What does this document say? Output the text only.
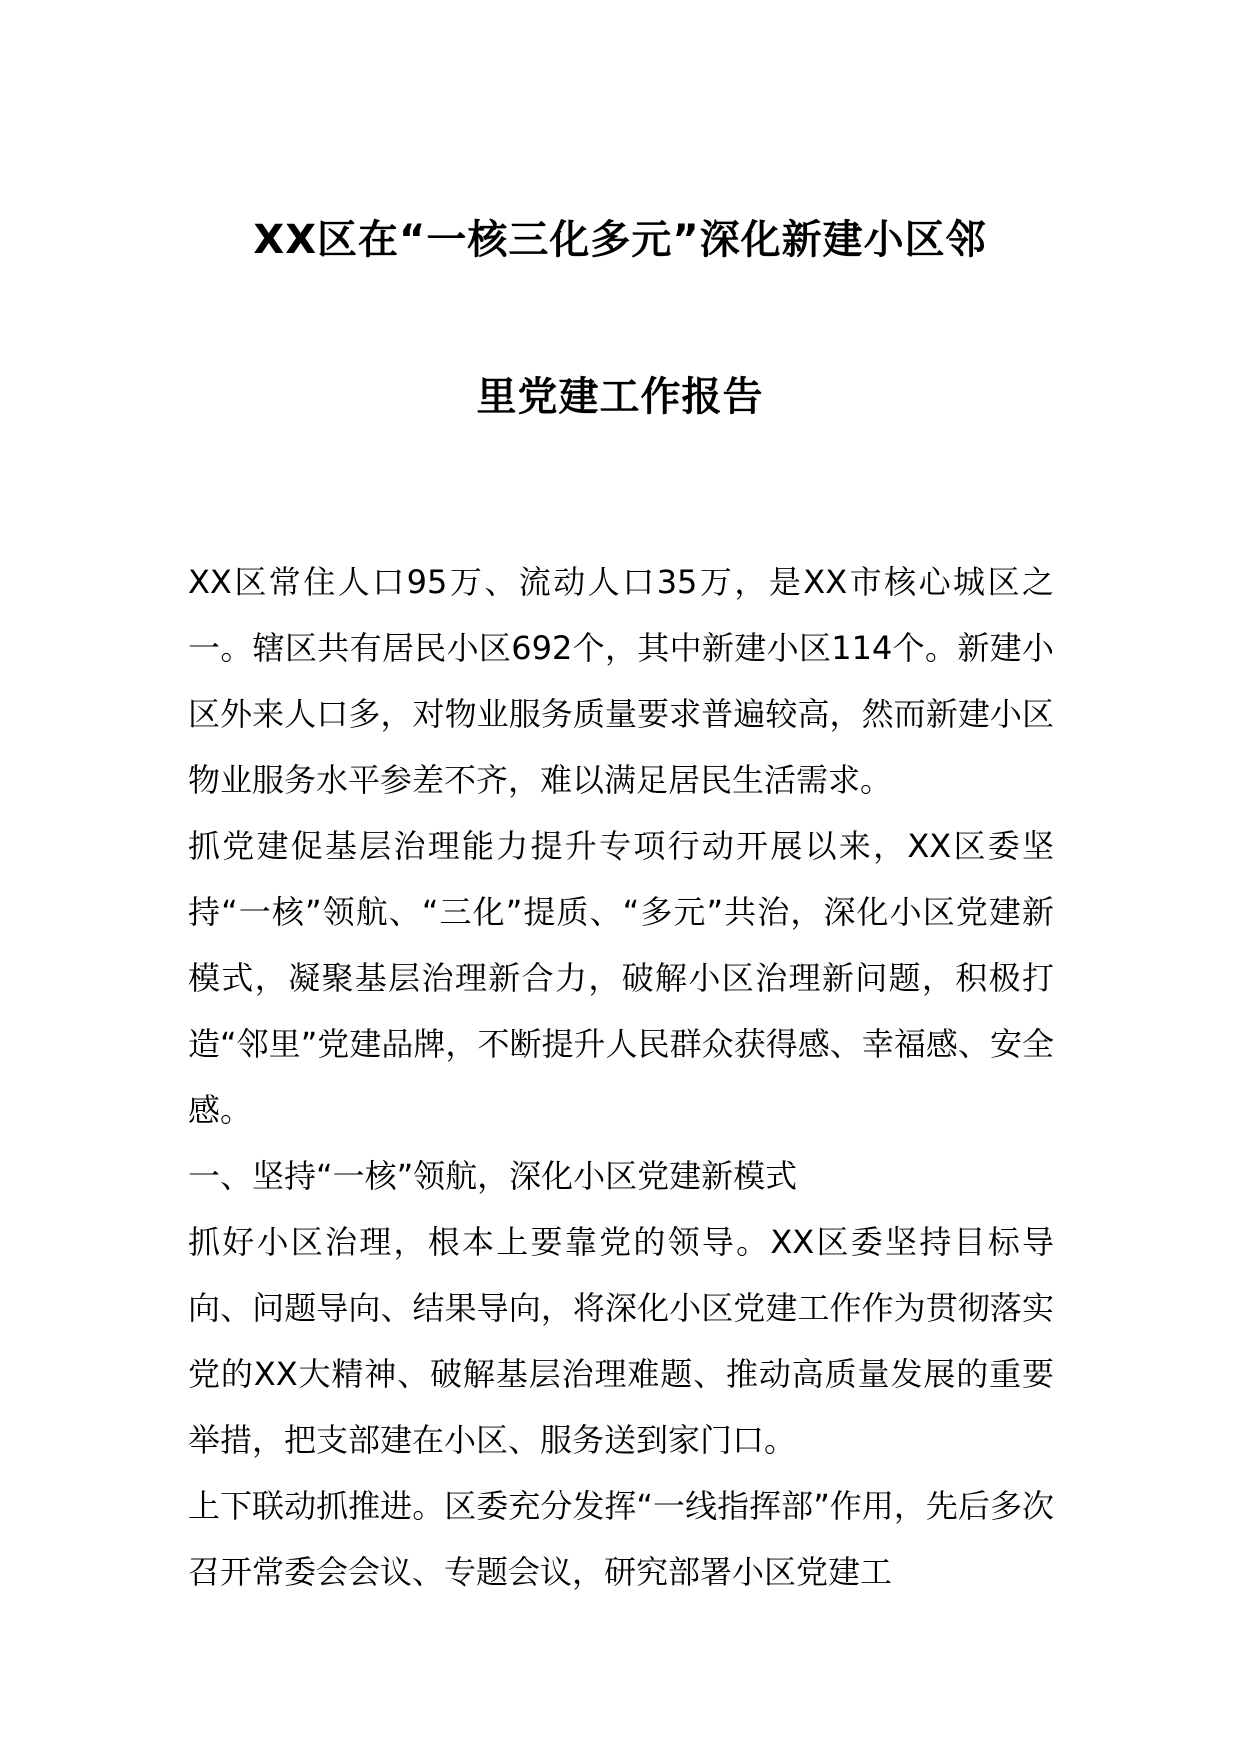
XX区在“一核三化多元”深化新建小区邻
里党建工作报告

XX区常住人口95万、流动人口35万，是XX市核心城区之一。辖区共有居民小区692个，其中新建小区114个。新建小区外来人口多，对物业服务质量要求普遍较高，然而新建小区物业服务水平参差不齐，难以满足居民生活需求。

抓党建促基层治理能力提升专项行动开展以来，XX区委坚持“一核”领航、“三化”提质、“多元”共治，深化小区党建新模式，凝聚基层治理新合力，破解小区治理新问题，积极打造“邻里”党建品牌，不断提升人民群众获得感、幸福感、安全感。

一、坚持“一核”领航，深化小区党建新模式

抓好小区治理，根本上要靠党的领导。XX区委坚持目标导向、问题导向、结果导向，将深化小区党建工作作为贯彻落实党的XX大精神、破解基层治理难题、推动高质量发展的重要举措，把支部建在小区、服务送到家门口。

上下联动抓推进。区委充分发挥“一线指挥部”作用，先后多次召开常委会会议、专题会议，研究部署小区党建工
